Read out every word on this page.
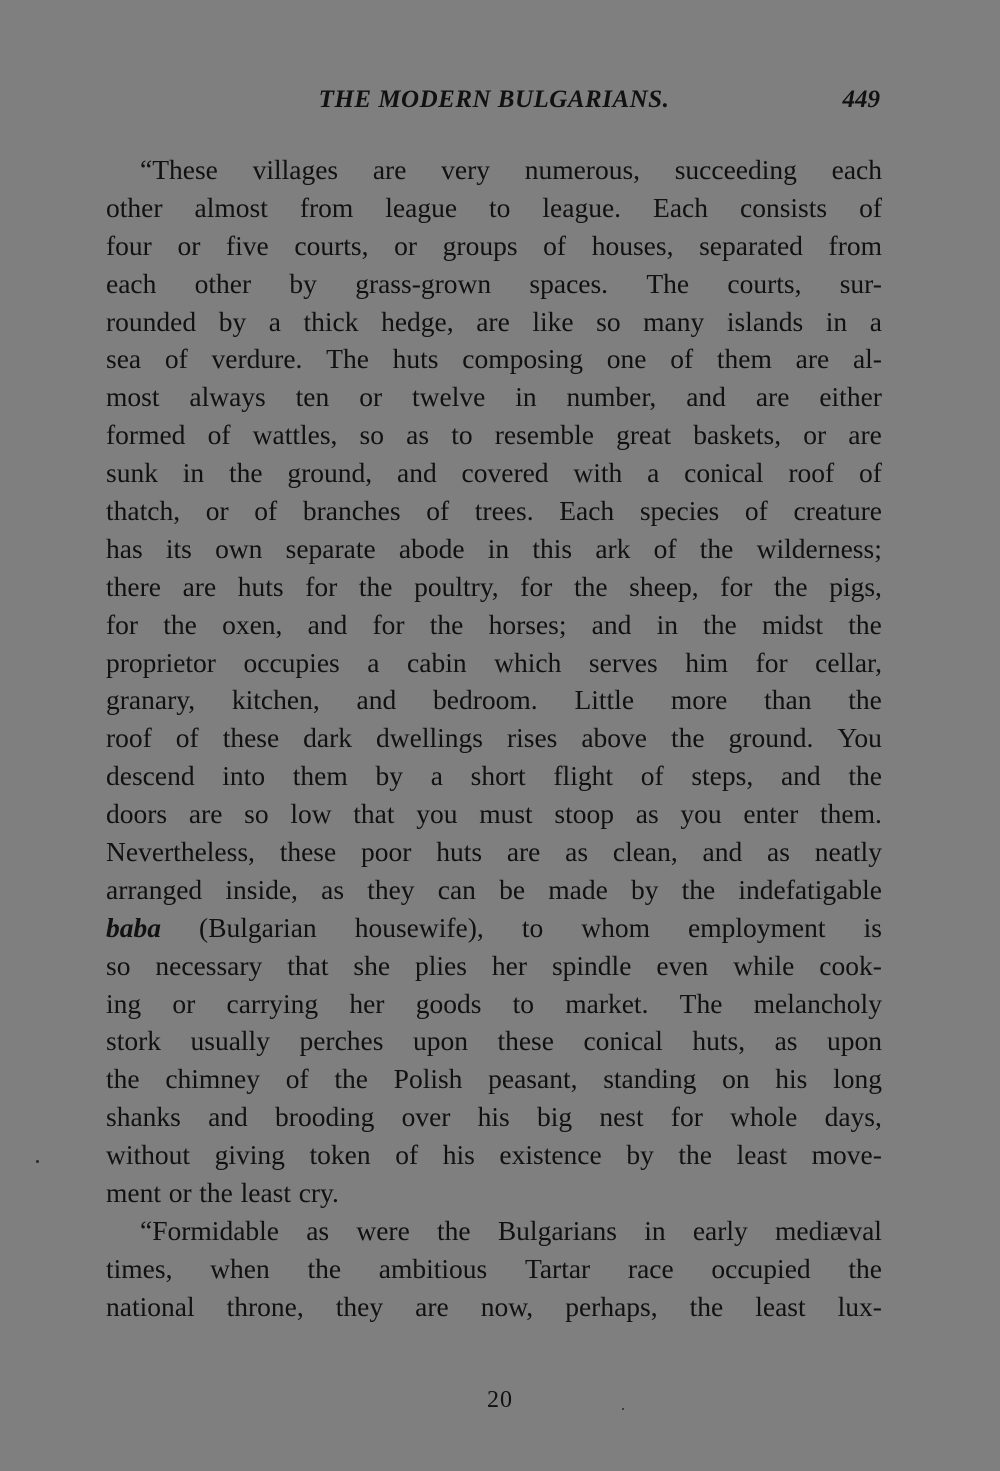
THE MODERN BULGARIANS.	449
“These villages are very numerous, succeeding each
other almost from league to league. Each consists of
four or five courts, or groups of houses, separated from
each other by grass-grown spaces. The courts, sur-
rounded by a thick hedge, are like so many islands in a
sea of verdure. The huts composing one of them are al-
most always ten or twelve in number, and are either
formed of wattles, so as to resemble great baskets, or are
sunk in the ground, and covered with a conical roof of
thatch, or of branches of trees. Each species of creature
has its own separate abode in this ark of the wilderness;
there are huts for the poultry, for the sheep, for the pigs,
for the oxen, and for the horses; and in the midst the
proprietor occupies a cabin which serves him for cellar,
granary, kitchen, and bedroom. Little more than the
roof of these dark dwellings rises above the ground. You
descend into them by a short flight of steps, and the
doors are so low that you must stoop as you enter them.
Nevertheless, these poor huts are as clean, and as neatly
arranged inside, as they can be made by the indefatigable
baba (Bulgarian housewife), to whom employment is
so necessary that she plies her spindle even while cook-
ing or carrying her goods to market. The melancholy
stork usually perches upon these conical huts, as upon
the chimney of the Polish peasant, standing on his long
shanks and brooding over his big nest for whole days,
without giving token of his existence by the least move-
ment or the least cry.
“Formidable as were the Bulgarians in early mediæval
times, when the ambitious Tartar race occupied the
national throne, they are now, perhaps, the least lux-
20
